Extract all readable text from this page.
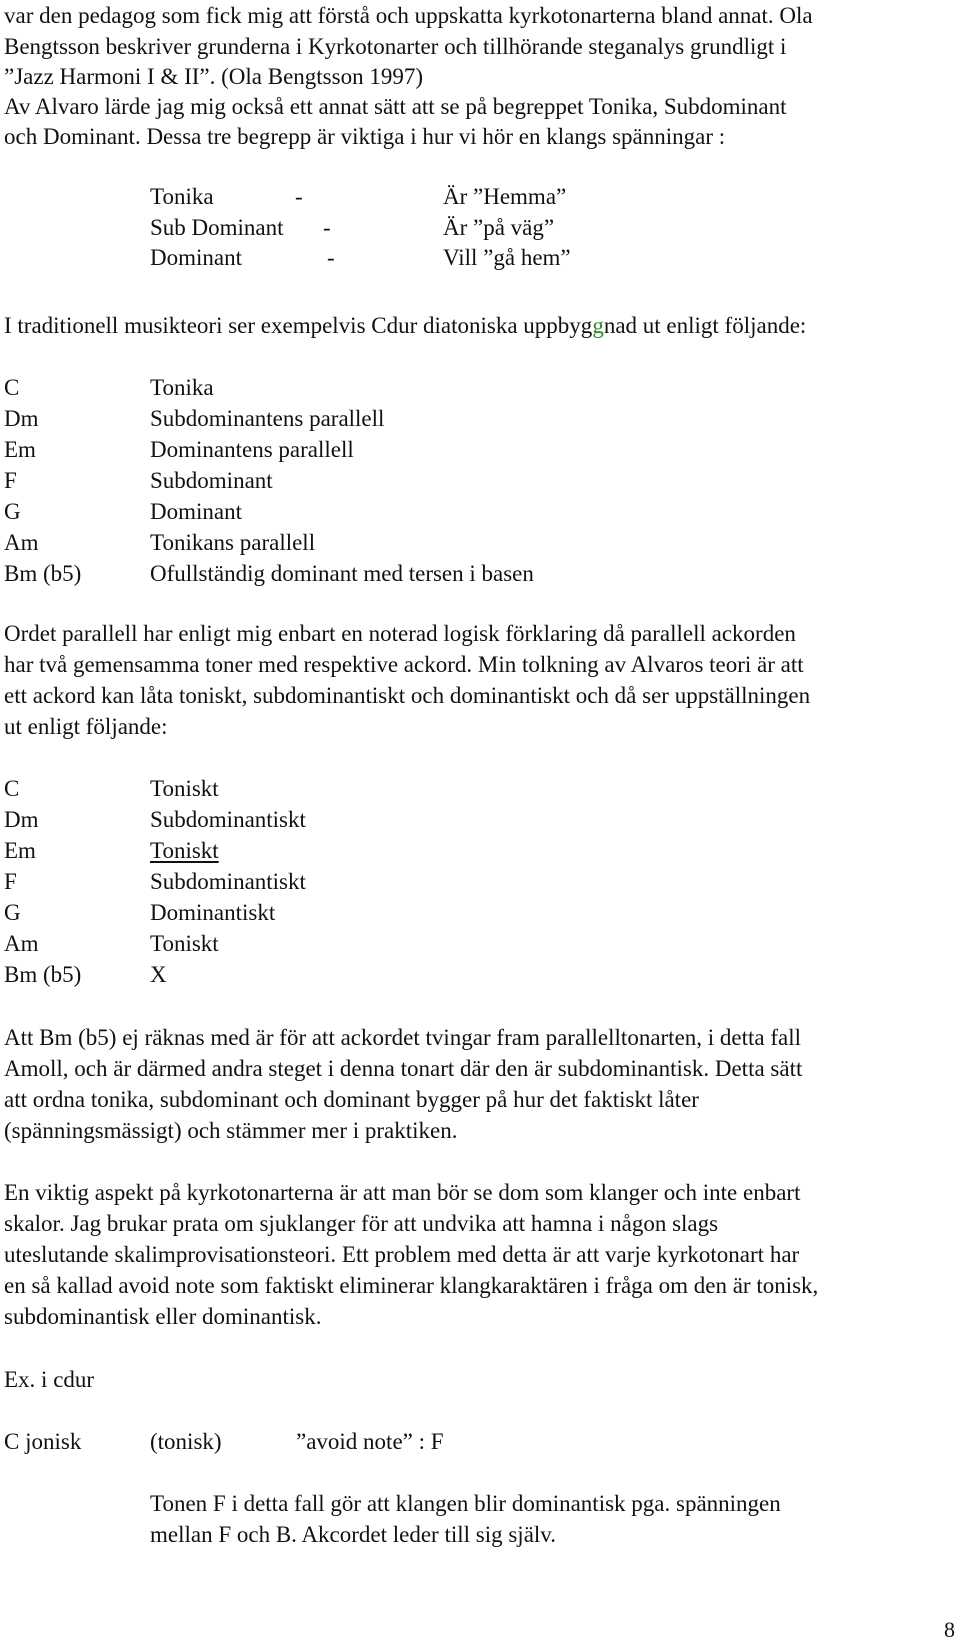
var den pedagog som fick mig att förstå och uppskatta kyrkotonarterna bland annat. Ola
Bengtsson beskriver grunderna i Kyrkotonarter och tillhörande steganalys grundligt i
”Jazz Harmoni I & II”. (Ola Bengtsson 1997)
Av Alvaro lärde jag mig också ett annat sätt att se på begreppet Tonika, Subdominant
och Dominant. Dessa tre begrepp är viktiga i hur vi hör en klangs spänningar :
Tonika	-	Är ”Hemma”
Sub Dominant -	Är ”på väg”
Dominant	-	Vill ”gå hem”
I traditionell musikteori ser exempelvis Cdur diatoniska uppbyggnad ut enligt följande:
C	Tonika
Dm	Subdominantens parallell
Em	Dominantens parallell
F	Subdominant
G	Dominant
Am	Tonikans parallell
Bm (b5)	Ofullständig dominant med tersen i basen
Ordet parallell har enligt mig enbart en noterad logisk förklaring då parallell ackorden
har två gemensamma toner med respektive ackord. Min tolkning av Alvaros teori är att
ett ackord kan låta toniskt, subdominantiskt och dominantiskt och då ser uppställningen
ut enligt följande:
C	Toniskt
Dm	Subdominantiskt
Em	Toniskt
F	Subdominantiskt
G	Dominantiskt
Am	Toniskt
Bm (b5)	X
Att Bm (b5) ej räknas med är för att ackordet tvingar fram parallelltonarten, i detta fall
Amoll, och är därmed andra steget i denna tonart där den är subdominantisk. Detta sätt
att ordna tonika, subdominant och dominant bygger på hur det faktiskt låter
(spänningsmässigt) och stämmer mer i praktiken.
En viktig aspekt på kyrkotonarterna är att man bör se dom som klanger och inte enbart
skalor. Jag brukar prata om sjuklanger för att undvika att hamna i någon slags
uteslutande skalimprovisationsteori. Ett problem med detta är att varje kyrkotonart har
en så kallad avoid note som faktiskt eliminerar klangkaraktären i fråga om den är tonisk,
subdominantisk eller dominantisk.
Ex. i cdur
C jonisk	(tonisk)	”avoid note” : F
Tonen F i detta fall gör att klangen blir dominantisk pga. spänningen
mellan F och B. Akcordet leder till sig själv.
8
